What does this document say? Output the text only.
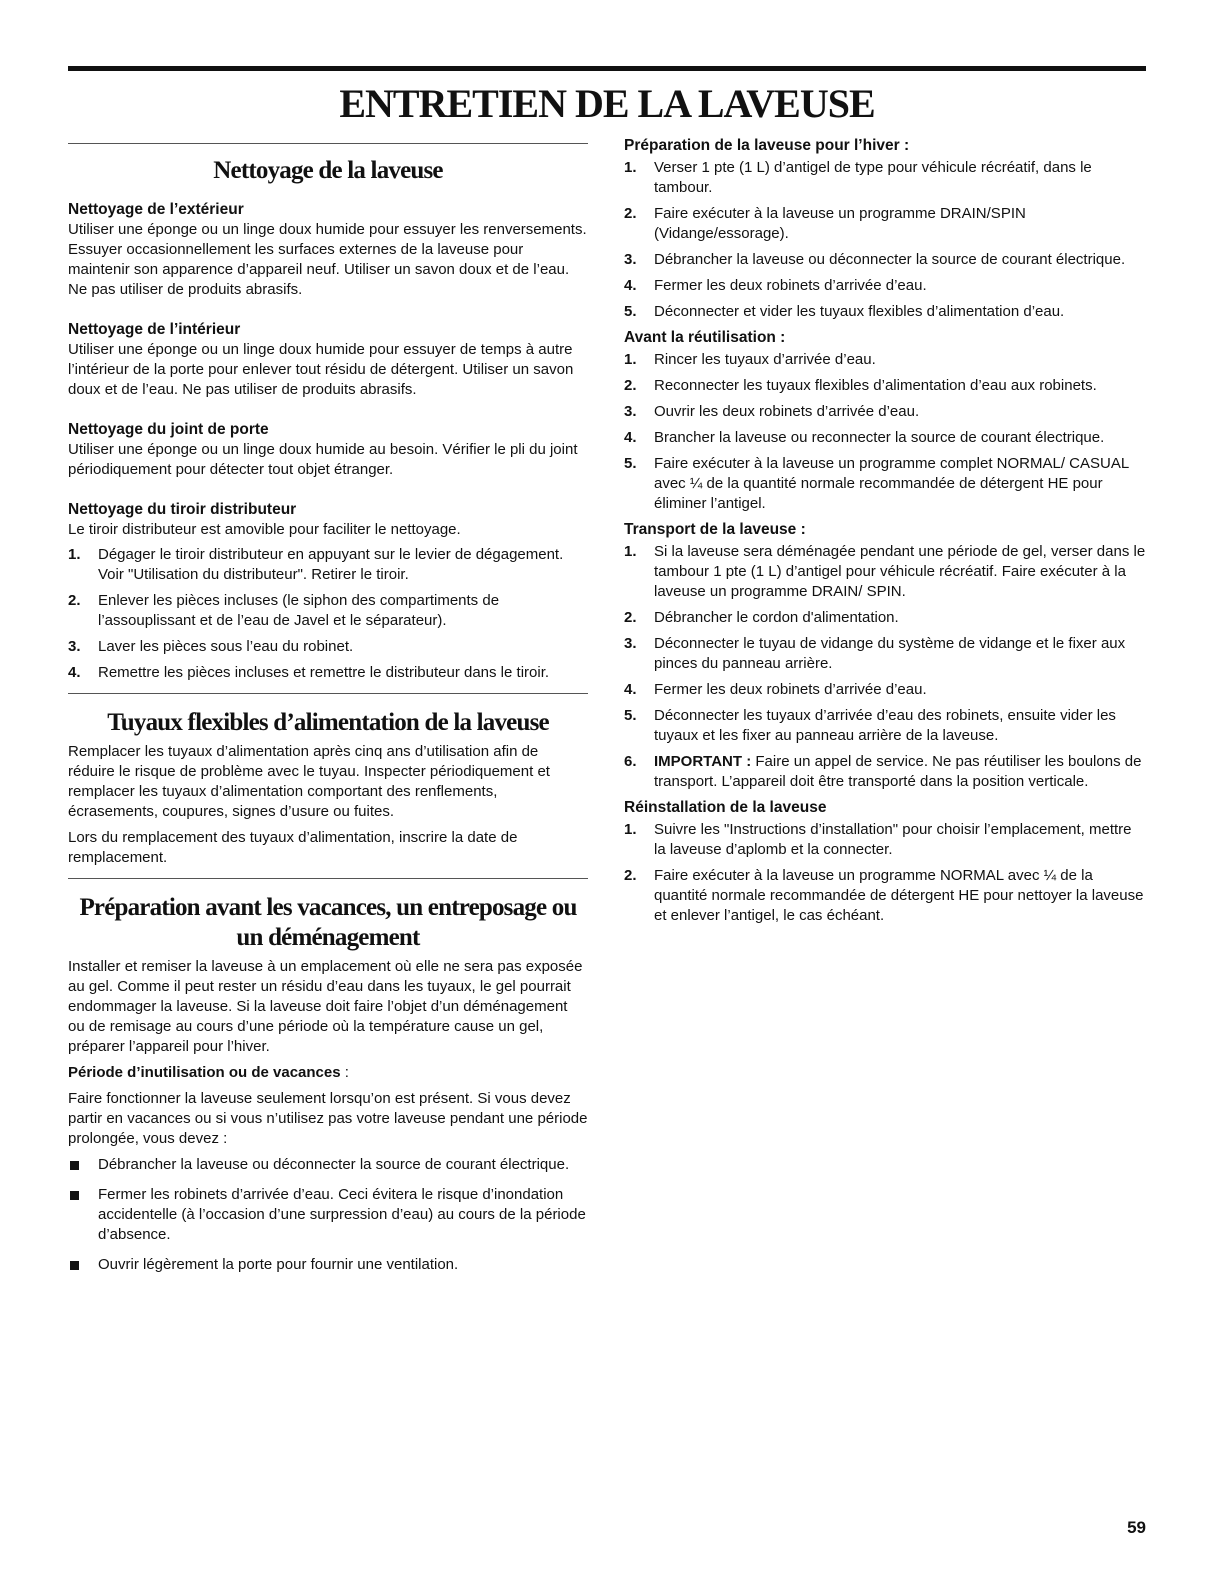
ENTRETIEN DE LA LAVEUSE
Nettoyage de la laveuse
Nettoyage de l’extérieur

Utiliser une éponge ou un linge doux humide pour essuyer les renversements. Essuyer occasionnellement les surfaces externes de la laveuse pour maintenir son apparence d’appareil neuf. Utiliser un savon doux et de l’eau. Ne pas utiliser de produits abrasifs.

Nettoyage de l’intérieur

Utiliser une éponge ou un linge doux humide pour essuyer de temps à autre l’intérieur de la porte pour enlever tout résidu de détergent. Utiliser un savon doux et de l’eau. Ne pas utiliser de produits abrasifs.

Nettoyage du joint de porte

Utiliser une éponge ou un linge doux humide au besoin. Vérifier le pli du joint périodiquement pour détecter tout objet étranger.

Nettoyage du tiroir distributeur

Le tiroir distributeur est amovible pour faciliter le nettoyage.

1. Dégager le tiroir distributeur en appuyant sur le levier de dégagement. Voir "Utilisation du distributeur". Retirer le tiroir.
2. Enlever les pièces incluses (le siphon des compartiments de l’assouplissant et de l’eau de Javel et le séparateur).
3. Laver les pièces sous l’eau du robinet.
4. Remettre les pièces incluses et remettre le distributeur dans le tiroir.
Tuyaux flexibles d’alimentation de la laveuse

Remplacer les tuyaux d’alimentation après cinq ans d’utilisation afin de réduire le risque de problème avec le tuyau. Inspecter périodiquement et remplacer les tuyaux d’alimentation comportant des renflements, écrasements, coupures, signes d’usure ou fuites.

Lors du remplacement des tuyaux d’alimentation, inscrire la date de remplacement.

Préparation avant les vacances, un entreposage ou un déménagement

Installer et remiser la laveuse à un emplacement où elle ne sera pas exposée au gel. Comme il peut rester un résidu d’eau dans les tuyaux, le gel pourrait endommager la laveuse. Si la laveuse doit faire l’objet d’un déménagement ou de remisage au cours d’une période où la température cause un gel, préparer l’appareil pour l’hiver.

Période d’inutilisation ou de vacances :

Faire fonctionner la laveuse seulement lorsqu’on est présent. Si vous devez partir en vacances ou si vous n’utilisez pas votre laveuse pendant une période prolongée, vous devez :

Débrancher la laveuse ou déconnecter la source de courant électrique.
Fermer les robinets d’arrivée d’eau. Ceci évitera le risque d’inondation accidentelle (à l’occasion d’une surpression d’eau) au cours de la période d’absence.
Ouvrir légèrement la porte pour fournir une ventilation.
Préparation de la laveuse pour l’hiver :
1. Verser 1 pte (1 L) d’antigel de type pour véhicule récréatif, dans le tambour.
2. Faire exécuter à la laveuse un programme DRAIN/SPIN (Vidange/essorage).
3. Débrancher la laveuse ou déconnecter la source de courant électrique.
4. Fermer les deux robinets d’arrivée d’eau.
5. Déconnecter et vider les tuyaux flexibles d’alimentation d’eau.
Avant la réutilisation :
1. Rincer les tuyaux d’arrivée d’eau.
2. Reconnecter les tuyaux flexibles d’alimentation d’eau aux robinets.
3. Ouvrir les deux robinets d’arrivée d’eau.
4. Brancher la laveuse ou reconnecter la source de courant électrique.
5. Faire exécuter à la laveuse un programme complet NORMAL/ CASUAL avec ¼ de la quantité normale recommandée de détergent HE pour éliminer l’antigel.
Transport de la laveuse :
1. Si la laveuse sera déménagée pendant une période de gel, verser dans le tambour 1 pte (1 L) d’antigel pour véhicule récréatif. Faire exécuter à la laveuse un programme DRAIN/ SPIN.
2. Débrancher le cordon d'alimentation.
3. Déconnecter le tuyau de vidange du système de vidange et le fixer aux pinces du panneau arrière.
4. Fermer les deux robinets d’arrivée d’eau.
5. Déconnecter les tuyaux d’arrivée d’eau des robinets, ensuite vider les tuyaux et les fixer au panneau arrière de la laveuse.
6. IMPORTANT : Faire un appel de service. Ne pas réutiliser les boulons de transport. L’appareil doit être transporté dans la position verticale.
Réinstallation de la laveuse
1. Suivre les "Instructions d’installation" pour choisir l’emplacement, mettre la laveuse d’aplomb et la connecter.
2. Faire exécuter à la laveuse un programme NORMAL avec ¼ de la quantité normale recommandée de détergent HE pour nettoyer la laveuse et enlever l’antigel, le cas échéant.

59
